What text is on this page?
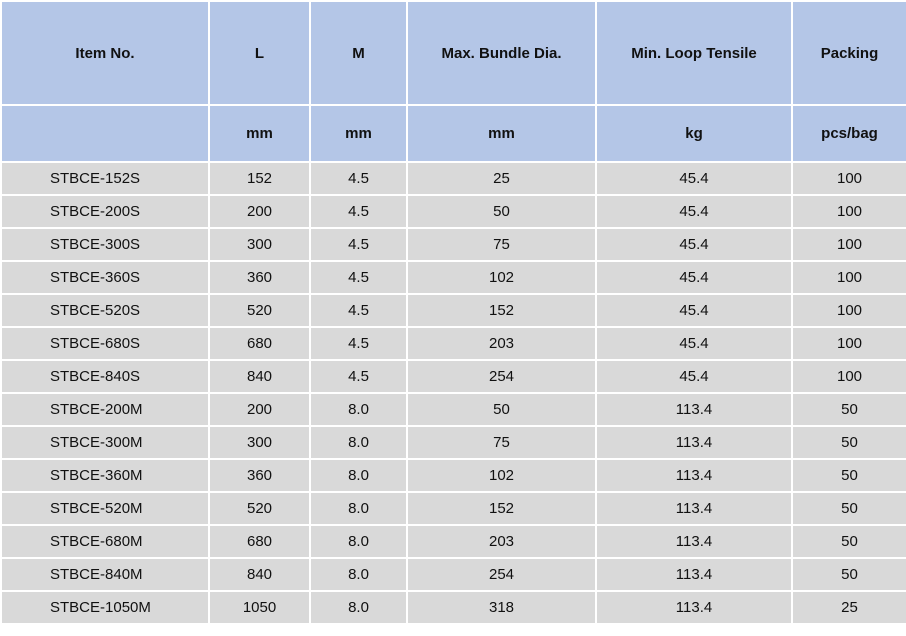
Item No.	L	M	Max. Bundle Dia.	Min. Loop Tensile	Packing
	mm	mm	mm	kg	pcs/bag
STBCE-152S	152	4.5	25	45.4	100
STBCE-200S	200	4.5	50	45.4	100
STBCE-300S	300	4.5	75	45.4	100
STBCE-360S	360	4.5	102	45.4	100
STBCE-520S	520	4.5	152	45.4	100
STBCE-680S	680	4.5	203	45.4	100
STBCE-840S	840	4.5	254	45.4	100
STBCE-200M	200	8.0	50	113.4	50
STBCE-300M	300	8.0	75	113.4	50
STBCE-360M	360	8.0	102	113.4	50
STBCE-520M	520	8.0	152	113.4	50
STBCE-680M	680	8.0	203	113.4	50
STBCE-840M	840	8.0	254	113.4	50
STBCE-1050M	1050	8.0	318	113.4	25
